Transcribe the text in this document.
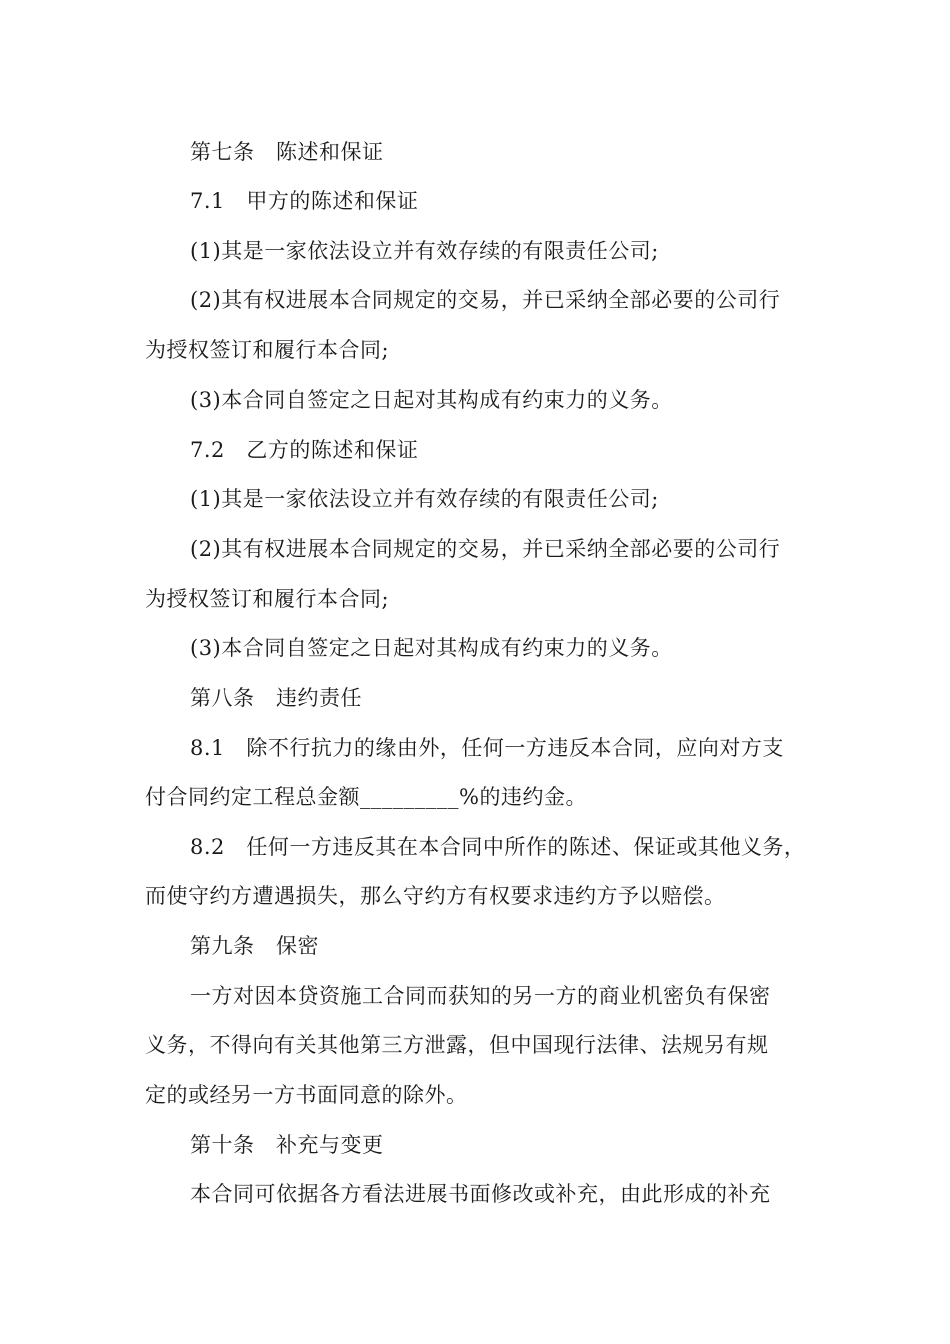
第七条　陈述和保证
7.1　甲方的陈述和保证
(1)其是一家依法设立并有效存续的有限责任公司;
(2)其有权进展本合同规定的交易，并已采纳全部必要的公司行
为授权签订和履行本合同;
(3)本合同自签定之日起对其构成有约束力的义务。
7.2　乙方的陈述和保证
(1)其是一家依法设立并有效存续的有限责任公司;
(2)其有权进展本合同规定的交易，并已采纳全部必要的公司行
为授权签订和履行本合同;
(3)本合同自签定之日起对其构成有约束力的义务。
第八条　违约责任
8.1　除不行抗力的缘由外，任何一方违反本合同，应向对方支
付合同约定工程总金额_________%的违约金。
8.2　任何一方违反其在本合同中所作的陈述、保证或其他义务，
而使守约方遭遇损失，那么守约方有权要求违约方予以赔偿。
第九条　保密
一方对因本贷资施工合同而获知的另一方的商业机密负有保密
义务，不得向有关其他第三方泄露，但中国现行法律、法规另有规
定的或经另一方书面同意的除外。
第十条　补充与变更
本合同可依据各方看法进展书面修改或补充，由此形成的补充
